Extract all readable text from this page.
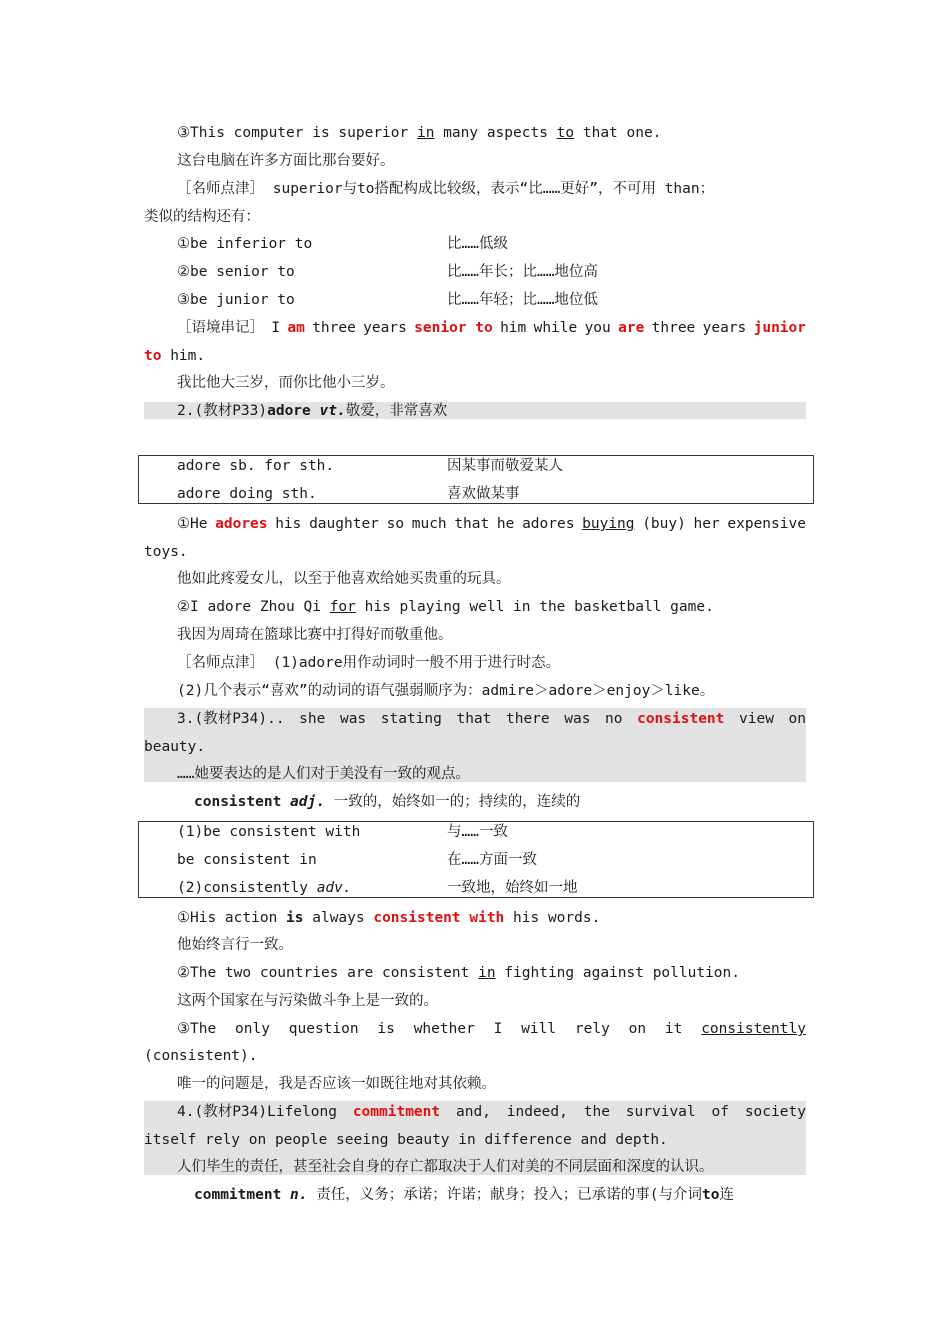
③This computer is superior in many aspects to that one.
这台电脑在许多方面比那台要好。
［名师点津］ superior与to搭配构成比较级，表示“比……更好”，不可用 than；
类似的结构还有：
①be inferior to	比……低级
②be senior to	比……年长；比……地位高
③be junior to	比……年轻；比……地位低
［语境串记］ I am three years senior to him while you are three years junior
to him.
我比他大三岁，而你比他小三岁。
2.(教材P33)adore vt.敬爱，非常喜欢
adore sb. for sth.	因某事而敬爱某人
adore doing sth.	喜欢做某事
①He adores his daughter so much that he adores buying (buy) her expensive
toys.
他如此疼爱女儿，以至于他喜欢给她买贵重的玩具。
②I adore Zhou Qi for his playing well in the basketball game.
我因为周琦在篮球比赛中打得好而敬重他。
［名师点津］ (1)adore用作动词时一般不用于进行时态。
(2)几个表示“喜欢”的动词的语气强弱顺序为：admire＞adore＞enjoy＞like。
3.(教材P34).. she was stating that there was no consistent view on
beauty.
……她要表达的是人们对于美没有一致的观点。
consistent adj. 一致的，始终如一的；持续的，连续的
(1)be consistent with	与……一致
be consistent in	在……方面一致
(2)consistently adv.	一致地，始终如一地
①His action is always consistent with his words.
他始终言行一致。
②The two countries are consistent in fighting against pollution.
这两个国家在与污染做斗争上是一致的。
③The only question is whether I will rely on it consistently
(consistent).
唯一的问题是，我是否应该一如既往地对其依赖。
4.(教材P34)Lifelong commitment and, indeed, the survival of society
itself rely on people seeing beauty in difference and depth.
人们毕生的责任，甚至社会自身的存亡都取决于人们对美的不同层面和深度的认识。
commitment n. 责任，义务；承诺；许诺；献身；投入；已承诺的事(与介词to连
